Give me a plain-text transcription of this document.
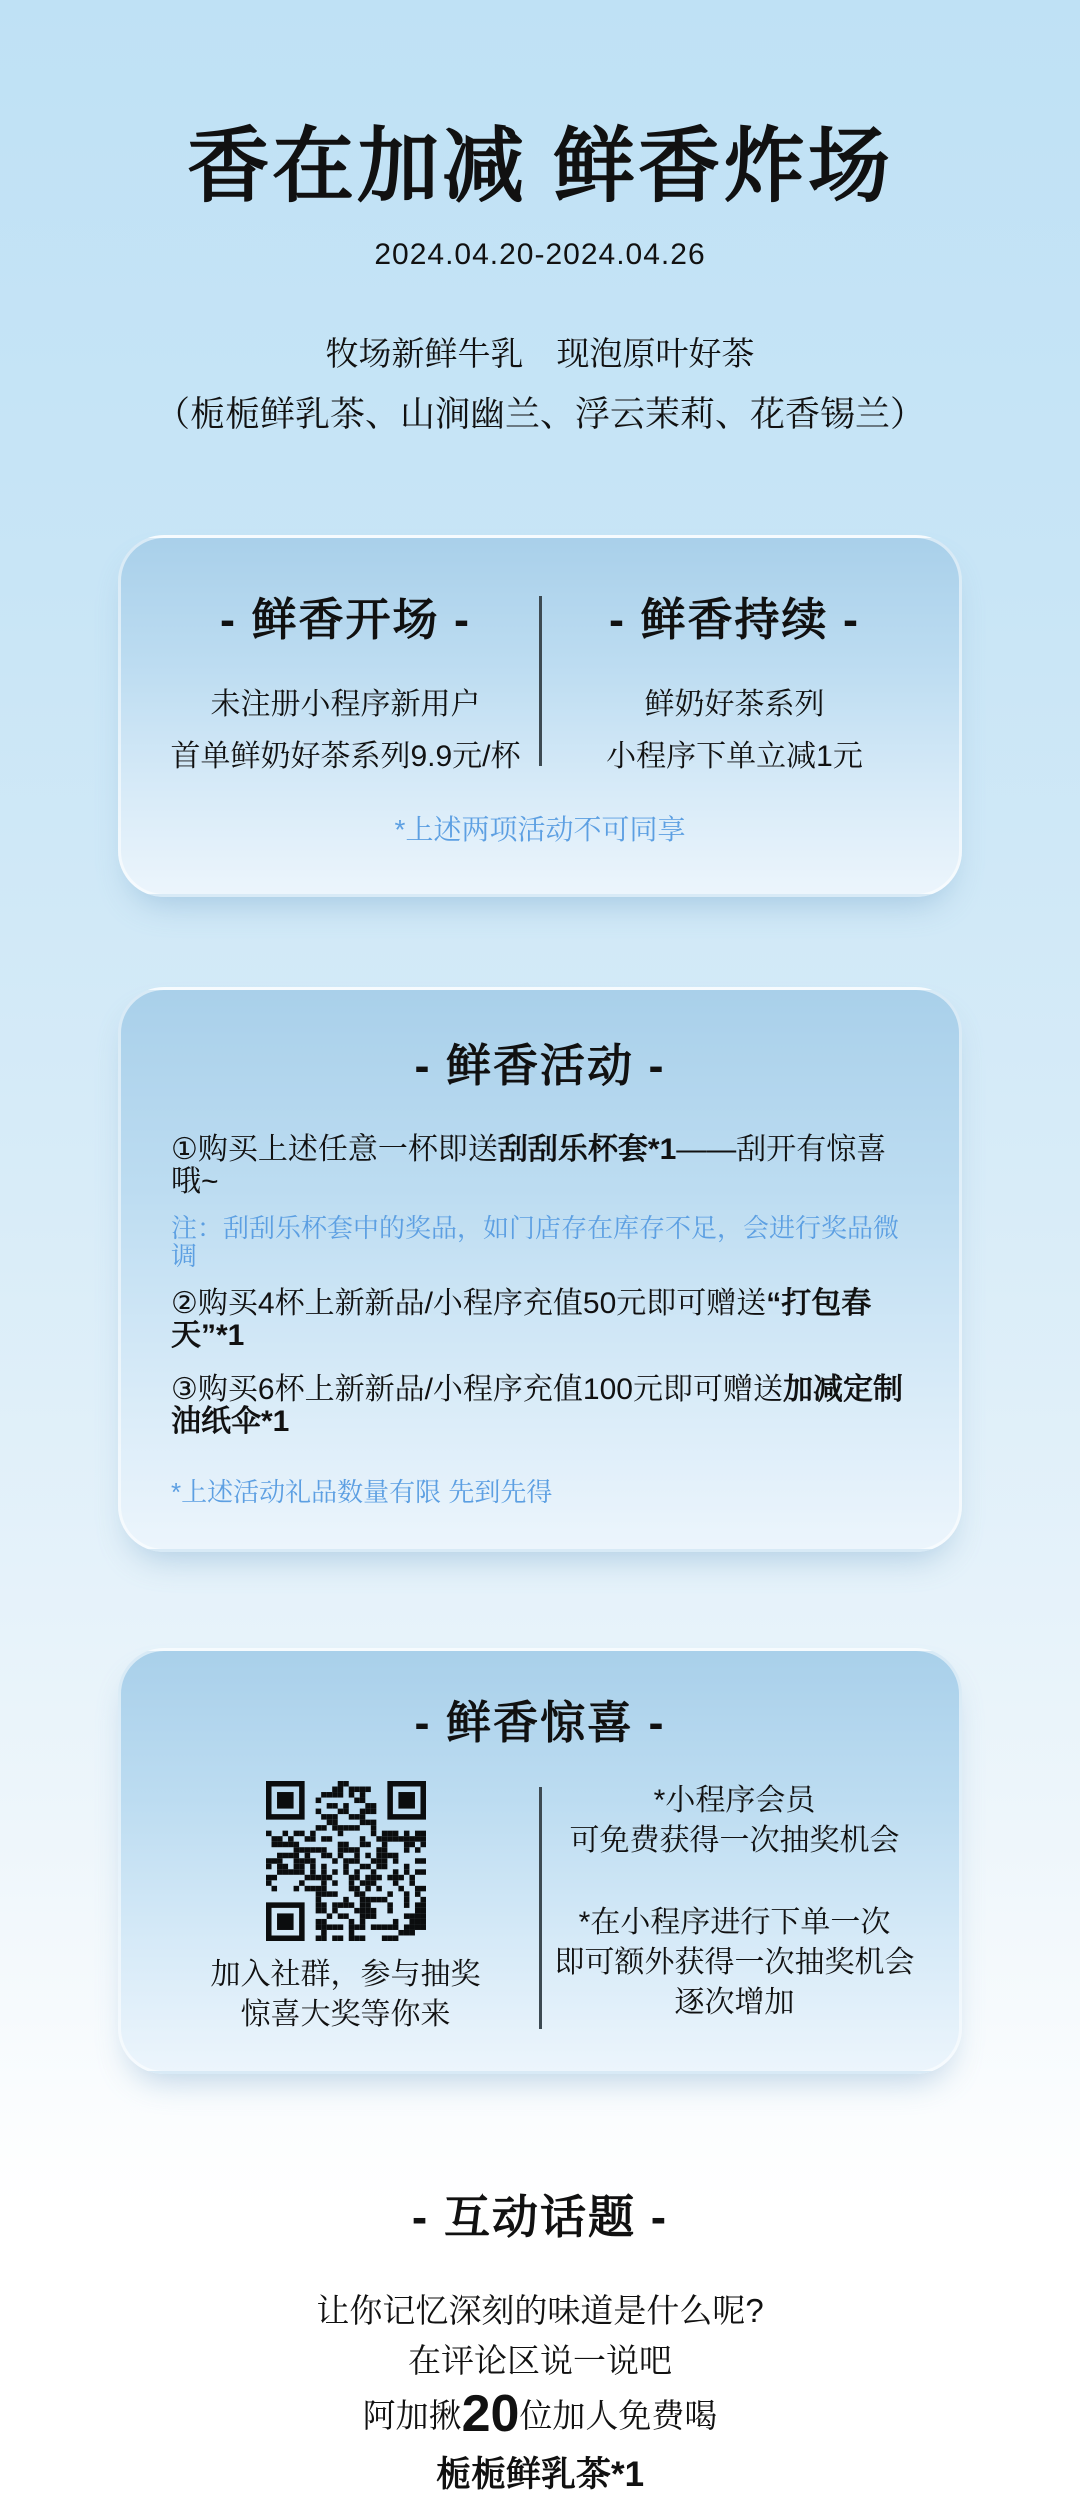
香在加减 鲜香炸场
2024.04.20-2024.04.26
牧场新鲜牛乳　现泡原叶好茶
（栀栀鲜乳茶、山涧幽兰、浮云茉莉、花香锡兰）
- 鲜香开场 -

未注册小程序新用户

首单鲜奶好茶系列9.9元/杯

- 鲜香持续 -

鲜奶好茶系列

小程序下单立减1元

*上述两项活动不可同享

- 鲜香活动 -

①购买上述任意一杯即送刮刮乐杯套*1——刮开有惊喜哦~

注：刮刮乐杯套中的奖品，如门店存在库存不足，会进行奖品微调

②购买4杯上新新品/小程序充值50元即可赠送“打包春天”*1

③购买6杯上新新品/小程序充值100元即可赠送加减定制油纸伞*1

*上述活动礼品数量有限 先到先得

- 鲜香惊喜 -

加入社群，参与抽奖
惊喜大奖等你来

*小程序会员

可免费获得一次抽奖机会

*在小程序进行下单一次

即可额外获得一次抽奖机会

逐次增加

- 互动话题 -

让你记忆深刻的味道是什么呢?

在评论区说一说吧

阿加揪20位加人免费喝

栀栀鲜乳茶*1
